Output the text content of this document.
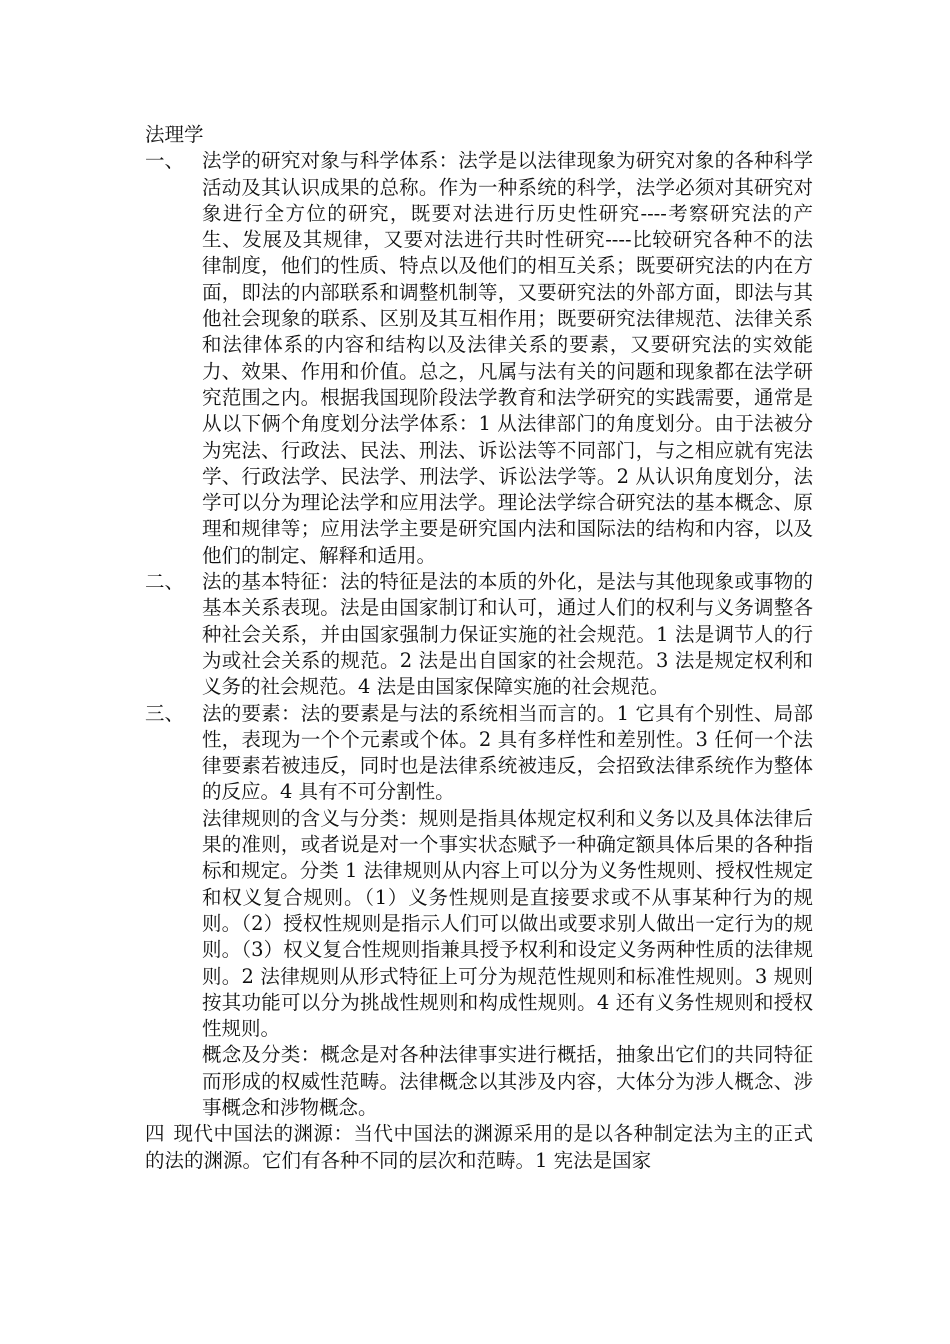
法理学
一、 法学的研究对象与科学体系：法学是以法律现象为研究对象的各种科学活动及其认识成果的总称。作为一种系统的科学，法学必须对其研究对象进行全方位的研究，既要对法进行历史性研究----考察研究法的产生、发展及其规律，又要对法进行共时性研究----比较研究各种不的法律制度，他们的性质、特点以及他们的相互关系；既要研究法的内在方面，即法的内部联系和调整机制等，又要研究法的外部方面，即法与其他社会现象的联系、区别及其互相作用；既要研究法律规范、法律关系和法律体系的内容和结构以及法律关系的要素，又要研究法的实效能力、效果、作用和价值。总之，凡属与法有关的问题和现象都在法学研究范围之内。根据我国现阶段法学教育和法学研究的实践需要，通常是从以下俩个角度划分法学体系：1 从法律部门的角度划分。由于法被分为宪法、行政法、民法、刑法、诉讼法等不同部门，与之相应就有宪法学、行政法学、民法学、刑法学、诉讼法学等。2 从认识角度划分，法学可以分为理论法学和应用法学。理论法学综合研究法的基本概念、原理和规律等；应用法学主要是研究国内法和国际法的结构和内容，以及他们的制定、解释和适用。

二、 法的基本特征：法的特征是法的本质的外化，是法与其他现象或事物的基本关系表现。法是由国家制订和认可，通过人们的权利与义务调整各种社会关系，并由国家强制力保证实施的社会规范。1 法是调节人的行为或社会关系的规范。2 法是出自国家的社会规范。3 法是规定权利和义务的社会规范。4 法是由国家保障实施的社会规范。

三、 法的要素：法的要素是与法的系统相当而言的。1 它具有个别性、局部性，表现为一个个元素或个体。2 具有多样性和差别性。3 任何一个法律要素若被违反，同时也是法律系统被违反，会招致法律系统作为整体的反应。4 具有不可分割性。

法律规则的含义与分类：规则是指具体规定权利和义务以及具体法律后果的准则，或者说是对一个事实状态赋予一种确定额具体后果的各种指标和规定。分类 1 法律规则从内容上可以分为义务性规则、授权性规定和权义复合规则。（1）义务性规则是直接要求或不从事某种行为的规则。（2）授权性规则是指示人们可以做出或要求别人做出一定行为的规则。（3）权义复合性规则指兼具授予权利和设定义务两种性质的法律规则。2 法律规则从形式特征上可分为规范性规则和标准性规则。3 规则按其功能可以分为挑战性规则和构成性规则。4 还有义务性规则和授权性规则。

概念及分类：概念是对各种法律事实进行概括，抽象出它们的共同特征而形成的权威性范畴。法律概念以其涉及内容，大体分为涉人概念、涉事概念和涉物概念。

四 现代中国法的渊源：当代中国法的渊源采用的是以各种制定法为主的正式的法的渊源。它们有各种不同的层次和范畴。1 宪法是国家
